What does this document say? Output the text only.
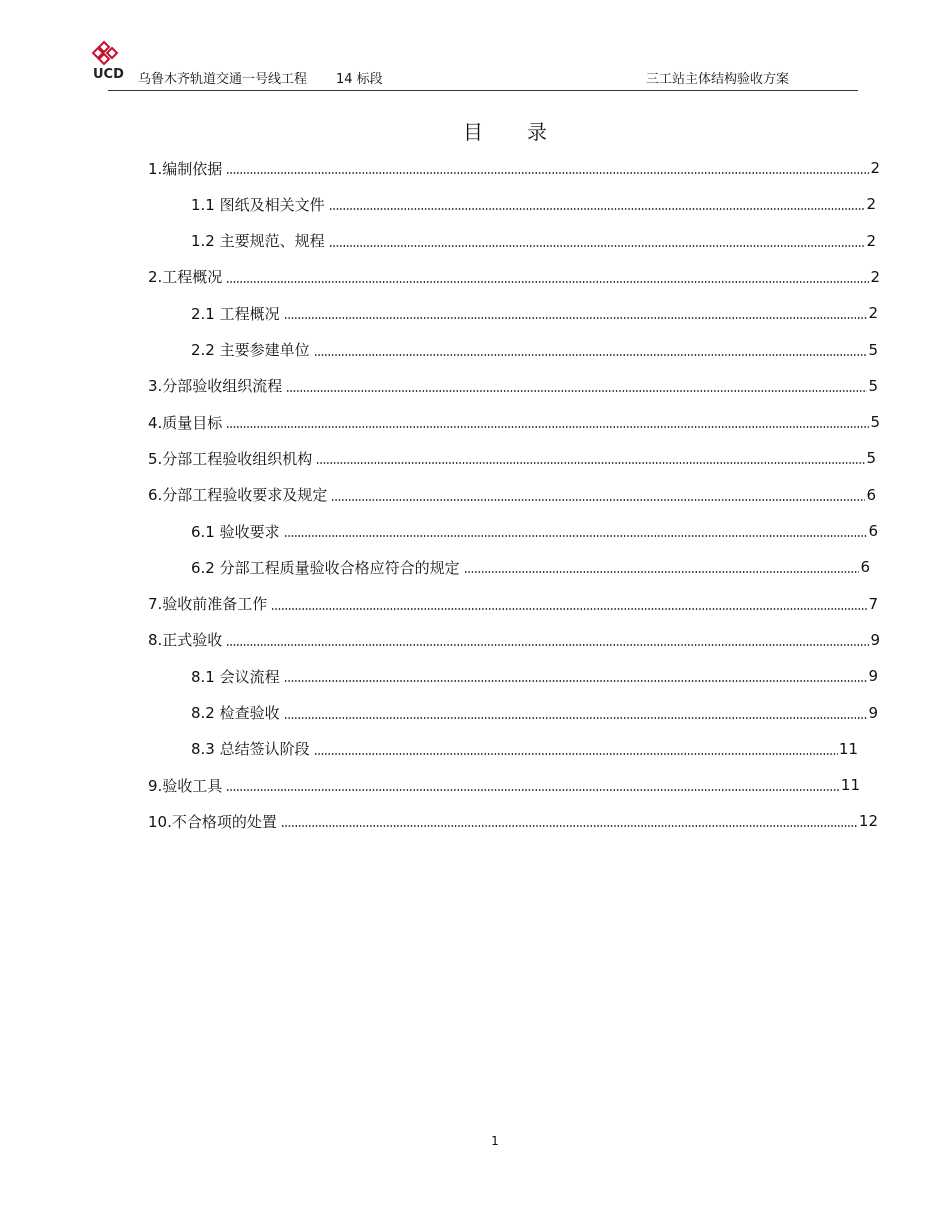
UCD 乌鲁木齐轨道交通一号线工程 14 标段	三工站主体结构验收方案
目 录
1.编制依据	2
1.1 图纸及相关文件	2
1.2 主要规范、规程	2
2.工程概况	2
2.1 工程概况	2
2.2 主要参建单位	5
3.分部验收组织流程	5
4.质量目标	5
5.分部工程验收组织机构	5
6.分部工程验收要求及规定	6
6.1 验收要求	6
6.2 分部工程质量验收合格应符合的规定	6
7.验收前准备工作	7
8.正式验收	9
8.1 会议流程	9
8.2 检查验收	9
8.3 总结签认阶段	11
9.验收工具	11
10.不合格项的处置	12
1
